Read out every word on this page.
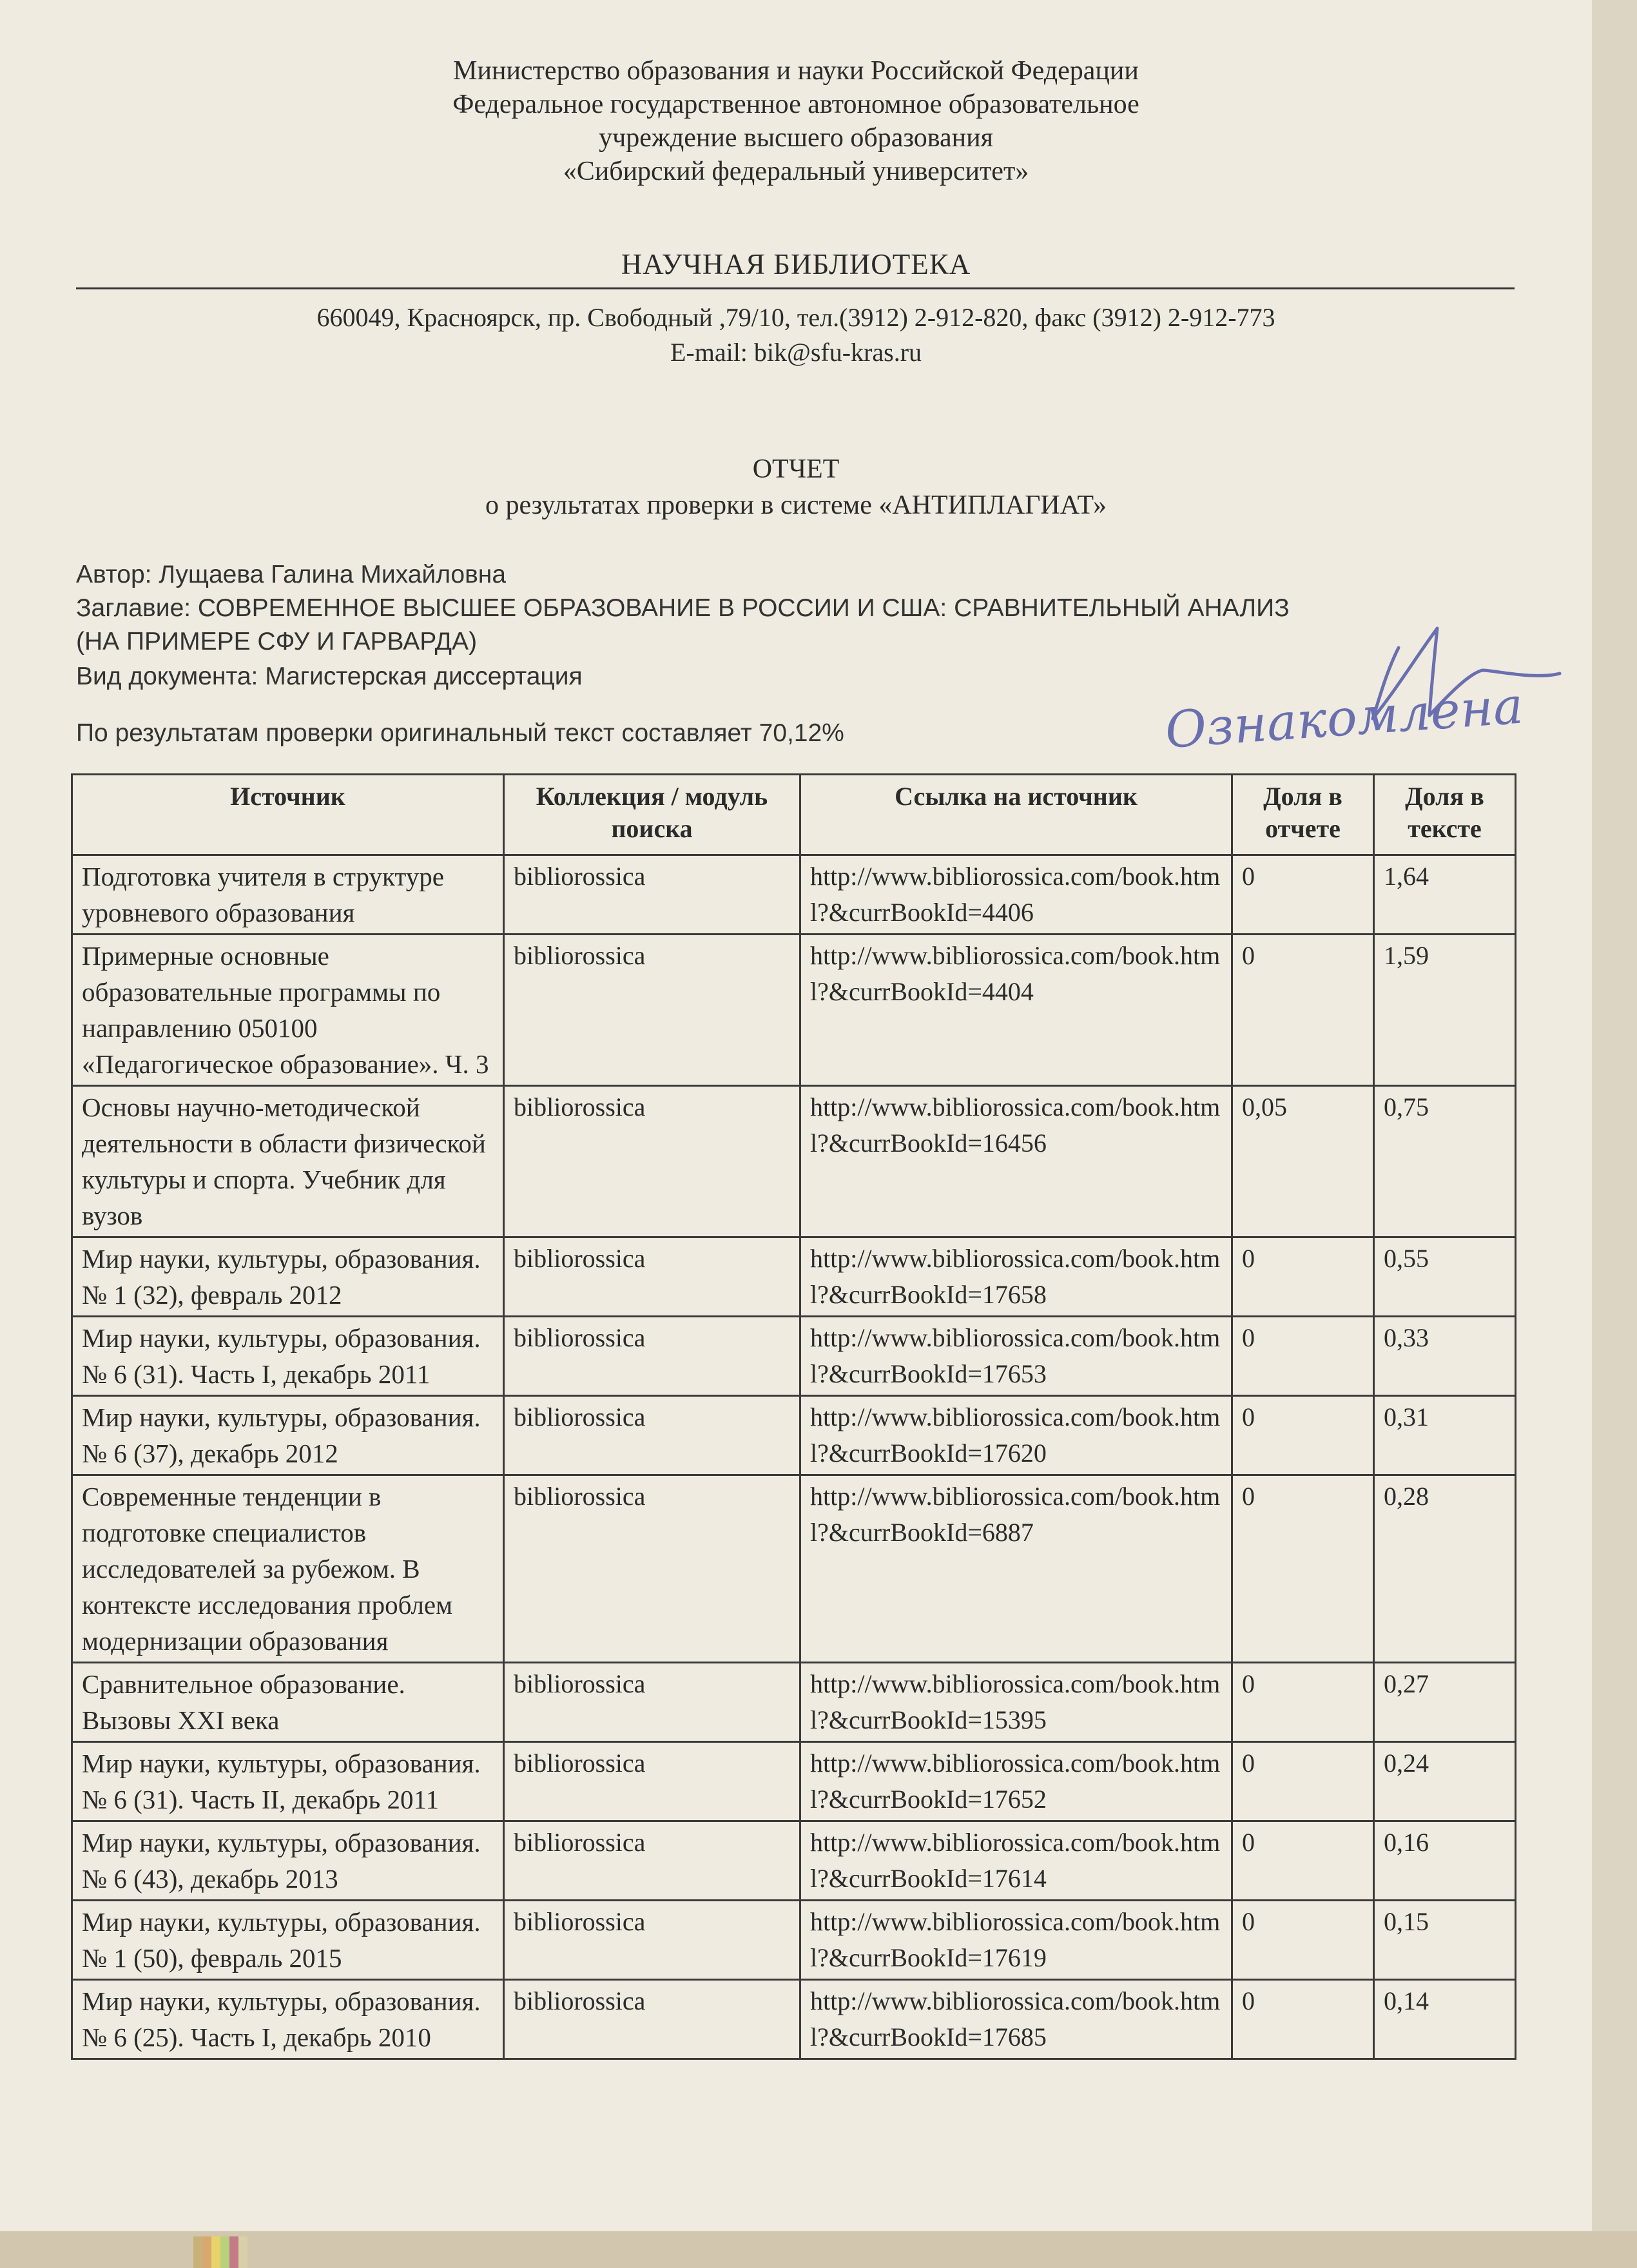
Министерство образования и науки Российской Федерации
Федеральное государственное автономное образовательное
учреждение высшего образования
«Сибирский федеральный университет»
НАУЧНАЯ БИБЛИОТЕКА
660049, Красноярск, пр. Свободный ,79/10, тел.(3912) 2-912-820, факс (3912) 2-912-773
E-mail: bik@sfu-kras.ru
ОТЧЕТ
о результатах проверки в системе «АНТИПЛАГИАТ»
Автор: Лущаева Галина Михайловна
Заглавие: СОВРЕМЕННОЕ ВЫСШЕЕ ОБРАЗОВАНИЕ В РОССИИ И США: СРАВНИТЕЛЬНЫЙ АНАЛИЗ
(НА ПРИМЕРЕ СФУ И ГАРВАРДА)
Вид документа: Магистерская диссертация
По результатам проверки оригинальный текст составляет 70,12%	Ознакомлена
Источник	Коллекция / модуль поиска	Ссылка на источник	Доля в отчете	Доля в тексте
Подготовка учителя в структуре уровневого образования	bibliorossica	http://www.bibliorossica.com/book.html?&currBookId=4406	0	1,64
Примерные основные образовательные программы по направлению 050100 «Педагогическое образование». Ч. 3	bibliorossica	http://www.bibliorossica.com/book.html?&currBookId=4404	0	1,59
Основы научно-методической деятельности в области физической культуры и спорта. Учебник для вузов	bibliorossica	http://www.bibliorossica.com/book.html?&currBookId=16456	0,05	0,75
Мир науки, культуры, образования. № 1 (32), февраль 2012	bibliorossica	http://www.bibliorossica.com/book.html?&currBookId=17658	0	0,55
Мир науки, культуры, образования. № 6 (31). Часть I, декабрь 2011	bibliorossica	http://www.bibliorossica.com/book.html?&currBookId=17653	0	0,33
Мир науки, культуры, образования. № 6 (37), декабрь 2012	bibliorossica	http://www.bibliorossica.com/book.html?&currBookId=17620	0	0,31
Современные тенденции в подготовке специалистов исследователей за рубежом. В контексте исследования проблем модернизации образования	bibliorossica	http://www.bibliorossica.com/book.html?&currBookId=6887	0	0,28
Сравнительное образование. Вызовы XXI века	bibliorossica	http://www.bibliorossica.com/book.html?&currBookId=15395	0	0,27
Мир науки, культуры, образования. № 6 (31). Часть II, декабрь 2011	bibliorossica	http://www.bibliorossica.com/book.html?&currBookId=17652	0	0,24
Мир науки, культуры, образования. № 6 (43), декабрь 2013	bibliorossica	http://www.bibliorossica.com/book.html?&currBookId=17614	0	0,16
Мир науки, культуры, образования. № 1 (50), февраль 2015	bibliorossica	http://www.bibliorossica.com/book.html?&currBookId=17619	0	0,15
Мир науки, культуры, образования. № 6 (25). Часть I, декабрь 2010	bibliorossica	http://www.bibliorossica.com/book.html?&currBookId=17685	0	0,14
